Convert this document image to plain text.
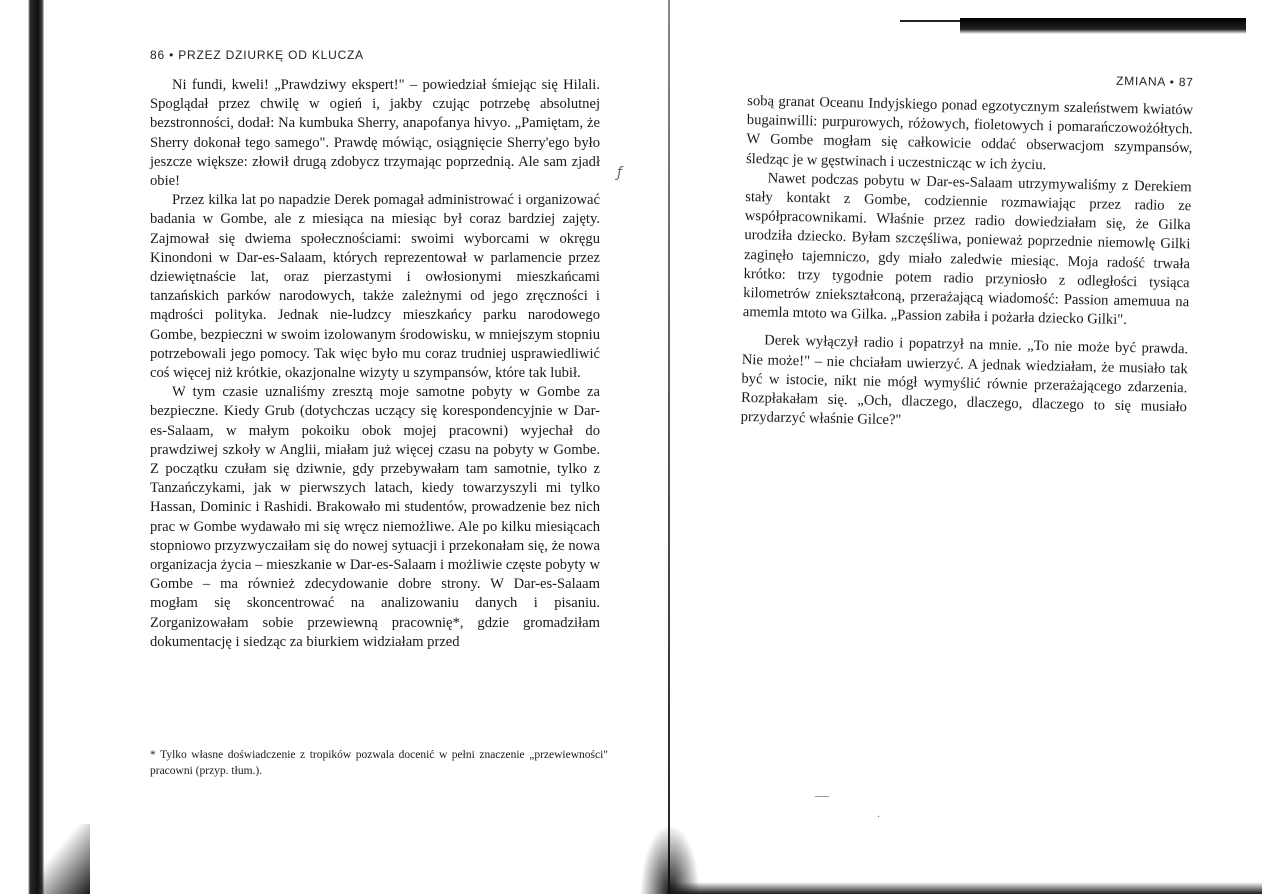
·

·

·
86 • PRZEZ DZIURKĘ OD KLUCZA

Ni fundi, kweli! „Prawdziwy ekspert!" – powiedział śmiejąc się Hilali. Spoglądał przez chwilę w ogień i, jakby czując potrzebę absolutnej bezstronności, dodał: Na kumbuka Sherry, anapofanya hivyo. „Pamiętam, że Sherry dokonał tego samego". Prawdę mówiąc, osiągnięcie Sherry'ego było jeszcze większe: złowił drugą zdobycz trzymając poprzednią. Ale sam zjadł obie!

Przez kilka lat po napadzie Derek pomagał administrować i organizować badania w Gombe, ale z miesiąca na miesiąc był coraz bardziej zajęty. Zajmował się dwiema społecznościami: swoimi wyborcami w okręgu Kinondoni w Dar-es-Salaam, których reprezentował w parlamencie przez dziewiętnaście lat, oraz pierzastymi i owłosionymi mieszkańcami tanzańskich parków narodowych, także zależnymi od jego zręczności i mądrości polityka. Jednak nie-ludzcy mieszkańcy parku narodowego Gombe, bezpieczni w swoim izolowanym środowisku, w mniejszym stopniu potrzebowali jego pomocy. Tak więc było mu coraz trudniej usprawiedliwić coś więcej niż krótkie, okazjonalne wizyty u szympansów, które tak lubił.

W tym czasie uznaliśmy zresztą moje samotne pobyty w Gombe za bezpieczne. Kiedy Grub (dotychczas uczący się korespondencyjnie w Dar-es-Salaam, w małym pokoiku obok mojej pracowni) wyjechał do prawdziwej szkoły w Anglii, miałam już więcej czasu na pobyty w Gombe. Z początku czułam się dziwnie, gdy przebywałam tam samotnie, tylko z Tanzańczykami, jak w pierwszych latach, kiedy towarzyszyli mi tylko Hassan, Dominic i Rashidi. Brakowało mi studentów, prowadzenie bez nich prac w Gombe wydawało mi się wręcz niemożliwe. Ale po kilku miesiącach stopniowo przyzwyczaiłam się do nowej sytuacji i przekonałam się, że nowa organizacja życia – mieszkanie w Dar-es-Salaam i możliwie częste pobyty w Gombe – ma również zdecydowanie dobre strony. W Dar-es-Salaam mogłam się skoncentrować na analizowaniu danych i pisaniu. Zorganizowałam sobie przewiewną pracownię*, gdzie gromadziłam dokumentację i siedząc za biurkiem widziałam przed

* Tylko własne doświadczenie z tropików pozwala docenić w pełni znaczenie „przewiewności" pracowni (przyp. tłum.).
ZMIANA • 87

sobą granat Oceanu Indyjskiego ponad egzotycznym szaleństwem kwiatów bugainwilli: purpurowych, różowych, fioletowych i pomarańczowożółtych. W Gombe mogłam się całkowicie oddać obserwacjom szympansów, śledząc je w gęstwinach i uczestnicząc w ich życiu.

Nawet podczas pobytu w Dar-es-Salaam utrzymywaliśmy z Derekiem stały kontakt z Gombe, codziennie rozmawiając przez radio ze współpracownikami. Właśnie przez radio dowiedziałam się, że Gilka urodziła dziecko. Byłam szczęśliwa, ponieważ poprzednie niemowlę Gilki zaginęło tajemniczo, gdy miało zaledwie miesiąc. Moja radość trwała krótko: trzy tygodnie potem radio przyniosło z odległości tysiąca kilometrów zniekształconą, przerażającą wiadomość: Passion amemuua na amemla mtoto wa Gilka. „Passion zabiła i pożarła dziecko Gilki".

Derek wyłączył radio i popatrzył na mnie. „To nie może być prawda. Nie może!" – nie chciałam uwierzyć. A jednak wiedziałam, że musiało tak być w istocie, nikt nie mógł wymyślić równie przerażającego zdarzenia. Rozpłakałam się. „Och, dlaczego, dlaczego, dlaczego to się musiało przydarzyć właśnie Gilce?"

ƒ
·
